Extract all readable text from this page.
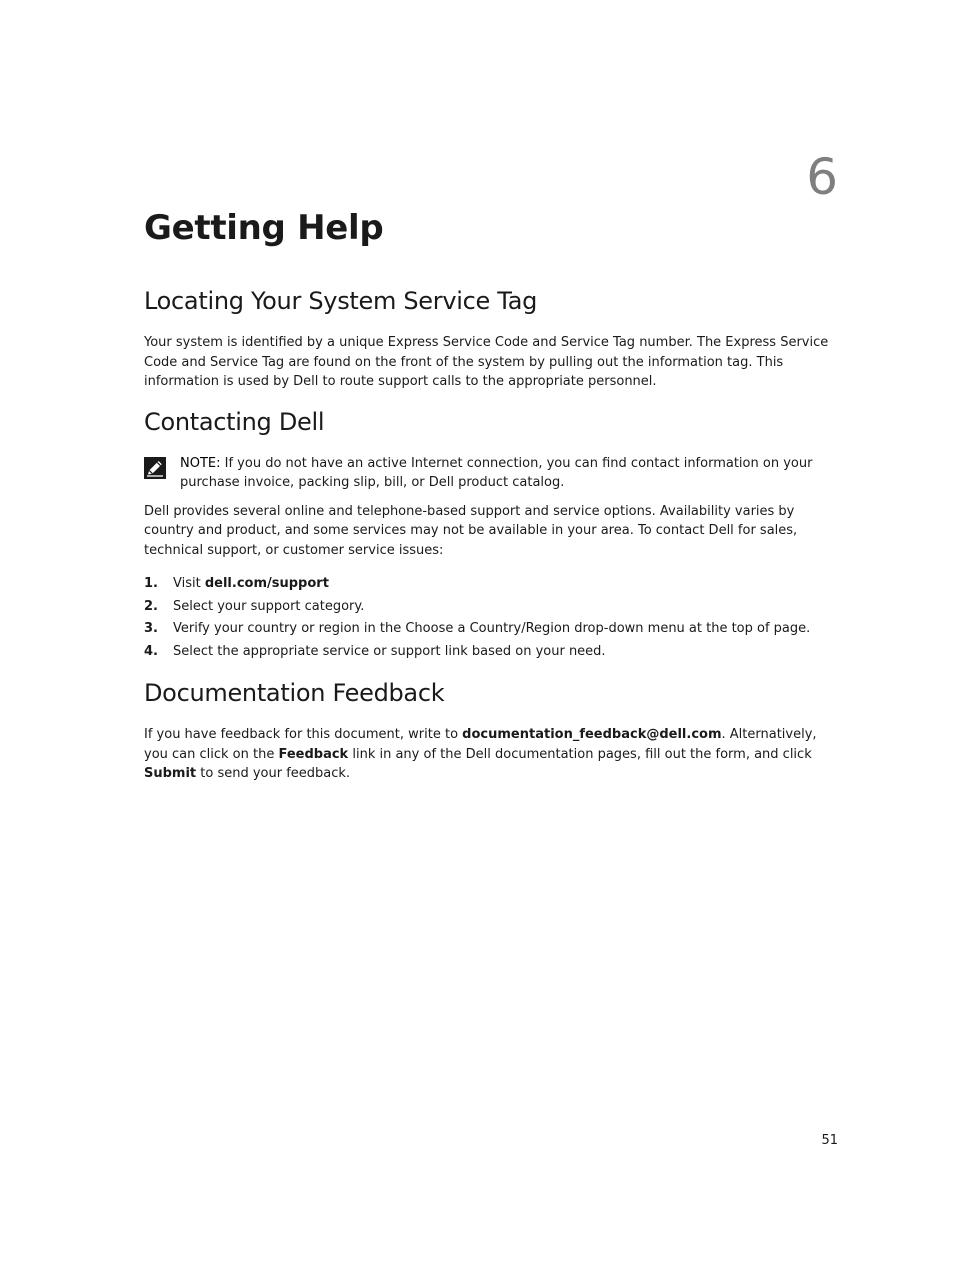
6
Getting Help
Locating Your System Service Tag

Your system is identified by a unique Express Service Code and Service Tag number. The Express Service Code and Service Tag are found on the front of the system by pulling out the information tag. This information is used by Dell to route support calls to the appropriate personnel.

Contacting Dell

NOTE: If you do not have an active Internet connection, you can find contact information on your purchase invoice, packing slip, bill, or Dell product catalog.

Dell provides several online and telephone-based support and service options. Availability varies by country and product, and some services may not be available in your area. To contact Dell for sales, technical support, or customer service issues:

1. Visit dell.com/support
2. Select your support category.
3. Verify your country or region in the Choose a Country/Region drop-down menu at the top of page.
4. Select the appropriate service or support link based on your need.
Documentation Feedback

If you have feedback for this document, write to documentation_feedback@dell.com. Alternatively, you can click on the Feedback link in any of the Dell documentation pages, fill out the form, and click Submit to send your feedback.

51
